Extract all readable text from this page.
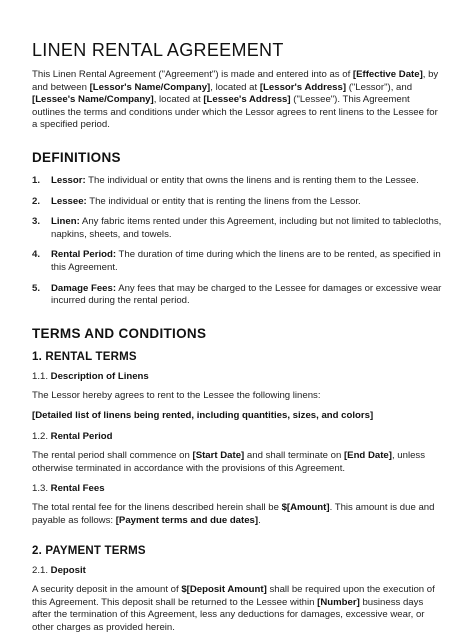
LINEN RENTAL AGREEMENT

This Linen Rental Agreement ("Agreement") is made and entered into as of [Effective Date], by and between [Lessor's Name/Company], located at [Lessor's Address] ("Lessor"), and [Lessee's Name/Company], located at [Lessee's Address] ("Lessee"). This Agreement outlines the terms and conditions under which the Lessor agrees to rent linens to the Lessee for a specified period.

DEFINITIONS
1.	Lessor: The individual or entity that owns the linens and is renting them to the Lessee.
2.	Lessee: The individual or entity that is renting the linens from the Lessor.
3.	Linen: Any fabric items rented under this Agreement, including but not limited to tablecloths, napkins, sheets, and towels.
4.	Rental Period: The duration of time during which the linens are to be rented, as specified in this Agreement.
5.	Damage Fees: Any fees that may be charged to the Lessee for damages or excessive wear incurred during the rental period.
TERMS AND CONDITIONS
1. RENTAL TERMS
1.1. Description of Linens

The Lessor hereby agrees to rent to the Lessee the following linens:

[Detailed list of linens being rented, including quantities, sizes, and colors]

1.2. Rental Period

The rental period shall commence on [Start Date] and shall terminate on [End Date], unless otherwise terminated in accordance with the provisions of this Agreement.

1.3. Rental Fees

The total rental fee for the linens described herein shall be $[Amount]. This amount is due and payable as follows: [Payment terms and due dates].

2. PAYMENT TERMS
2.1. Deposit

A security deposit in the amount of $[Deposit Amount] shall be required upon the execution of this Agreement. This deposit shall be returned to the Lessee within [Number] business days after the termination of this Agreement, less any deductions for damages, excessive wear, or other charges as provided herein.
